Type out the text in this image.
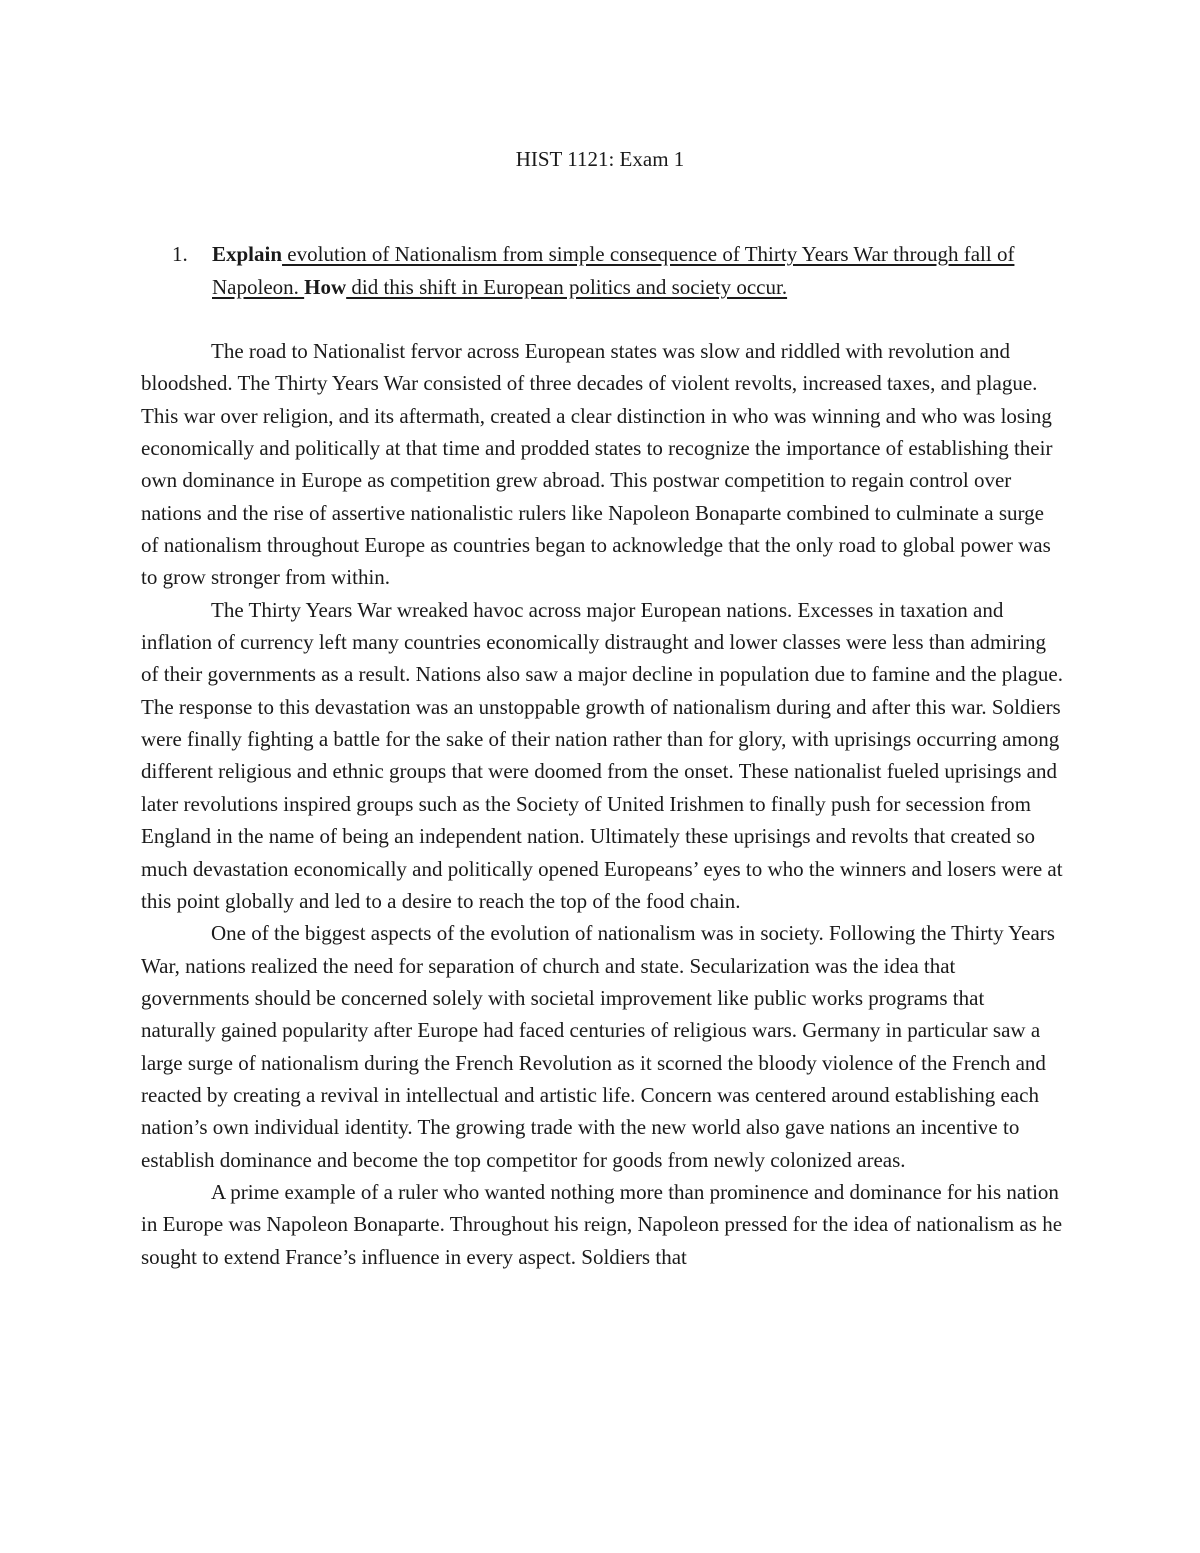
HIST 1121: Exam 1
1. Explain evolution of Nationalism from simple consequence of Thirty Years War through fall of Napoleon. How did this shift in European politics and society occur.

The road to Nationalist fervor across European states was slow and riddled with revolution and bloodshed. The Thirty Years War consisted of three decades of violent revolts, increased taxes, and plague. This war over religion, and its aftermath, created a clear distinction in who was winning and who was losing economically and politically at that time and prodded states to recognize the importance of establishing their own dominance in Europe as competition grew abroad. This postwar competition to regain control over nations and the rise of assertive nationalistic rulers like Napoleon Bonaparte combined to culminate a surge of nationalism throughout Europe as countries began to acknowledge that the only road to global power was to grow stronger from within.

The Thirty Years War wreaked havoc across major European nations. Excesses in taxation and inflation of currency left many countries economically distraught and lower classes were less than admiring of their governments as a result. Nations also saw a major decline in population due to famine and the plague. The response to this devastation was an unstoppable growth of nationalism during and after this war. Soldiers were finally fighting a battle for the sake of their nation rather than for glory, with uprisings occurring among different religious and ethnic groups that were doomed from the onset. These nationalist fueled uprisings and later revolutions inspired groups such as the Society of United Irishmen to finally push for secession from England in the name of being an independent nation. Ultimately these uprisings and revolts that created so much devastation economically and politically opened Europeans’ eyes to who the winners and losers were at this point globally and led to a desire to reach the top of the food chain.

One of the biggest aspects of the evolution of nationalism was in society. Following the Thirty Years War, nations realized the need for separation of church and state. Secularization was the idea that governments should be concerned solely with societal improvement like public works programs that naturally gained popularity after Europe had faced centuries of religious wars. Germany in particular saw a large surge of nationalism during the French Revolution as it scorned the bloody violence of the French and reacted by creating a revival in intellectual and artistic life. Concern was centered around establishing each nation’s own individual identity. The growing trade with the new world also gave nations an incentive to establish dominance and become the top competitor for goods from newly colonized areas.

A prime example of a ruler who wanted nothing more than prominence and dominance for his nation in Europe was Napoleon Bonaparte. Throughout his reign, Napoleon pressed for the idea of nationalism as he sought to extend France’s influence in every aspect. Soldiers that
